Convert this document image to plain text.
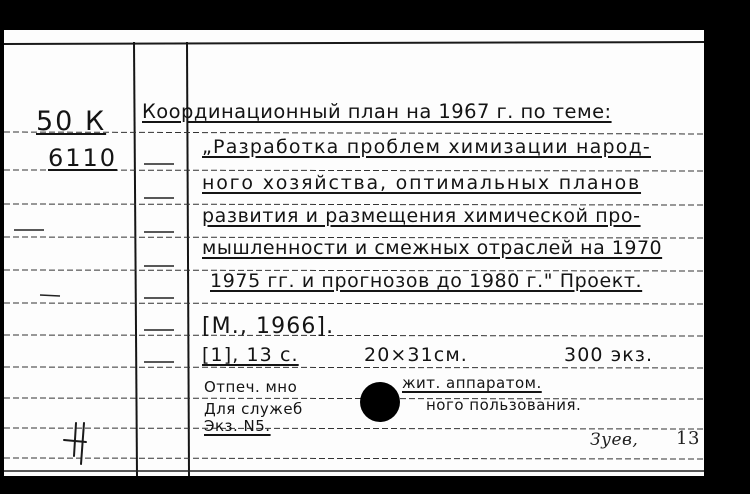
50 К
6110
Координационный план на 1967 г. по теме:
„Разработка проблем химизации народ-
ного хозяйства, оптимальных планов
развития и размещения химической про-
мышленности и смежных отраслей на 1970
1975 гг. и прогнозов до 1980 г." Проект.
[М., 1966].
[1], 13 с.	20×31см.	300 экз.
Отпеч. мно	жит. аппаратом.
Для служеб	ного пользования.
Экз. N5.
Зуев, 13
